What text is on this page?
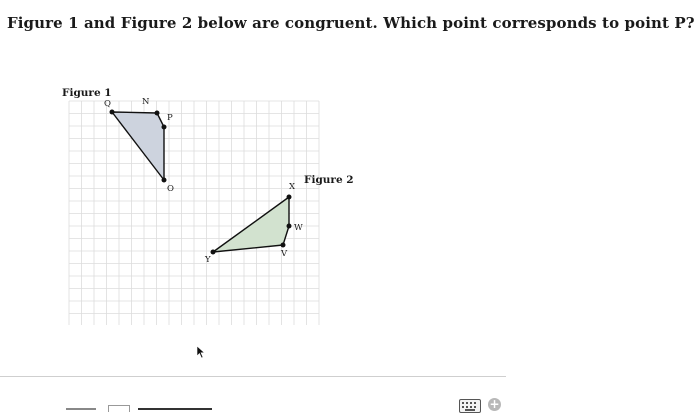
Figure 1 and Figure 2 below are congruent. Which point corresponds to point P?
Figure 1
Q	N
P
O
Figure 2
X
W
V
Y
+
